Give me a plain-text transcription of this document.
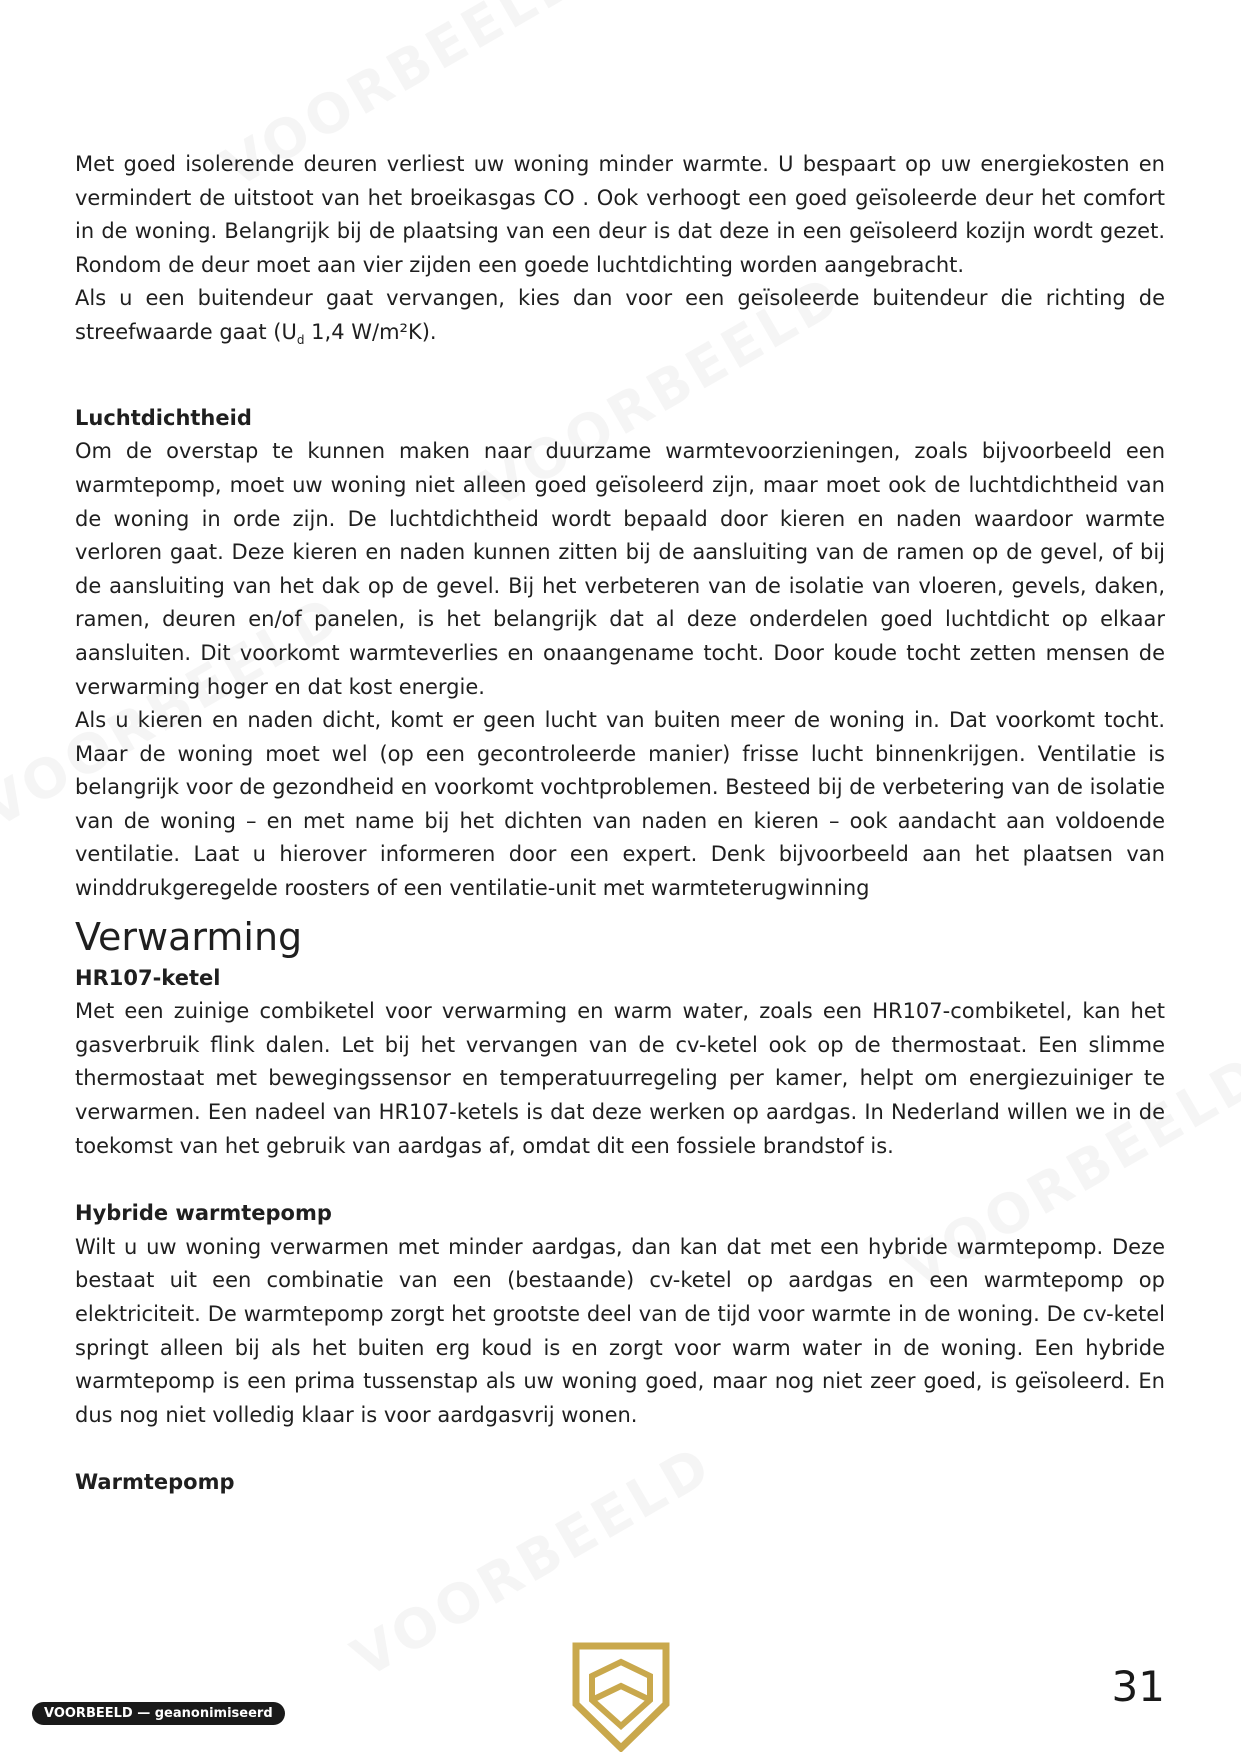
Met goed isolerende deuren verliest uw woning minder warmte. U bespaart op uw energiekosten en vermindert de uitstoot van het broeikasgas CO . Ook verhoogt een goed geïsoleerde deur het comfort in de woning. Belangrijk bij de plaatsing van een deur is dat deze in een geïsoleerd kozijn wordt gezet. Rondom de deur moet aan vier zijden een goede luchtdichting worden aangebracht.

Als u een buitendeur gaat vervangen, kies dan voor een geïsoleerde buitendeur die richting de streefwaarde gaat ($U_d$ 1,4 W/m²K).

Luchtdichtheid

Om de overstap te kunnen maken naar duurzame warmtevoorzieningen, zoals bijvoorbeeld een warmtepomp, moet uw woning niet alleen goed geïsoleerd zijn, maar moet ook de luchtdichtheid van de woning in orde zijn. De luchtdichtheid wordt bepaald door kieren en naden waardoor warmte verloren gaat. Deze kieren en naden kunnen zitten bij de aansluiting van de ramen op de gevel, of bij de aansluiting van het dak op de gevel. Bij het verbeteren van de isolatie van vloeren, gevels, daken, ramen, deuren en/of panelen, is het belangrijk dat al deze onderdelen goed luchtdicht op elkaar aansluiten. Dit voorkomt warmteverlies en onaangename tocht. Door koude tocht zetten mensen de verwarming hoger en dat kost energie.

Als u kieren en naden dicht, komt er geen lucht van buiten meer de woning in. Dat voorkomt tocht. Maar de woning moet wel (op een gecontroleerde manier) frisse lucht binnenkrijgen. Ventilatie is belangrijk voor de gezondheid en voorkomt vochtproblemen. Besteed bij de verbetering van de isolatie van de woning – en met name bij het dichten van naden en kieren – ook aandacht aan voldoende ventilatie. Laat u hierover informeren door een expert. Denk bijvoorbeeld aan het plaatsen van winddrukgeregelde roosters of een ventilatie-unit met warmteterugwinning

Verwarming
HR107-ketel

Met een zuinige combiketel voor verwarming en warm water, zoals een HR107-combiketel, kan het gasverbruik flink dalen. Let bij het vervangen van de cv-ketel ook op de thermostaat. Een slimme thermostaat met bewegingssensor en temperatuurregeling per kamer, helpt om energiezuiniger te verwarmen. Een nadeel van HR107-ketels is dat deze werken op aardgas. In Nederland willen we in de toekomst van het gebruik van aardgas af, omdat dit een fossiele brandstof is.

Hybride warmtepomp

Wilt u uw woning verwarmen met minder aardgas, dan kan dat met een hybride warmtepomp. Deze bestaat uit een combinatie van een (bestaande) cv-ketel op aardgas en een warmtepomp op elektriciteit. De warmtepomp zorgt het grootste deel van de tijd voor warmte in de woning. De cv-ketel springt alleen bij als het buiten erg koud is en zorgt voor warm water in de woning. Een hybride warmtepomp is een prima tussenstap als uw woning goed, maar nog niet zeer goed, is geïsoleerd. En dus nog niet volledig klaar is voor aardgasvrij wonen.

Warmtepomp
31
VOORBEELD — geanonimiseerd
